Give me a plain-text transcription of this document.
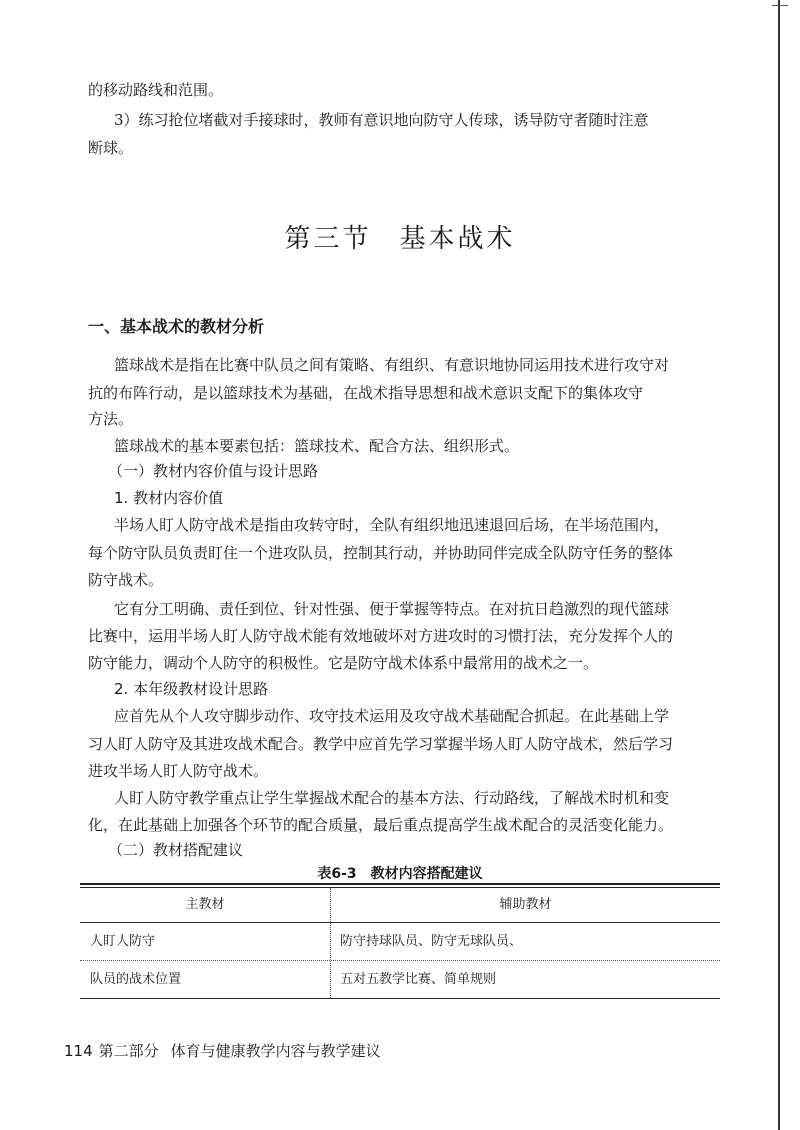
的移动路线和范围。

3）练习抢位堵截对手接球时，教师有意识地向防守人传球，诱导防守者随时注意

断球。

第三节 基本战术
一、基本战术的教材分析

篮球战术是指在比赛中队员之间有策略、有组织、有意识地协同运用技术进行攻守对

抗的布阵行动，是以篮球技术为基础，在战术指导思想和战术意识支配下的集体攻守

方法。

篮球战术的基本要素包括：篮球技术、配合方法、组织形式。

（一）教材内容价值与设计思路

1. 教材内容价值

半场人盯人防守战术是指由攻转守时，全队有组织地迅速退回后场，在半场范围内，

每个防守队员负责盯住一个进攻队员，控制其行动，并协助同伴完成全队防守任务的整体

防守战术。

它有分工明确、责任到位、针对性强、便于掌握等特点。在对抗日趋激烈的现代篮球

比赛中，运用半场人盯人防守战术能有效地破坏对方进攻时的习惯打法，充分发挥个人的

防守能力，调动个人防守的积极性。它是防守战术体系中最常用的战术之一。

2. 本年级教材设计思路

应首先从个人攻守脚步动作、攻守技术运用及攻守战术基础配合抓起。在此基础上学

习人盯人防守及其进攻战术配合。教学中应首先学习掌握半场人盯人防守战术，然后学习

进攻半场人盯人防守战术。

人盯人防守教学重点让学生掌握战术配合的基本方法、行动路线，了解战术时机和变

化，在此基础上加强各个环节的配合质量，最后重点提高学生战术配合的灵活变化能力。

（二）教材搭配建议

表6-3　教材内容搭配建议
主教材	辅助教材
人盯人防守	防守持球队员、防守无球队员、
队员的战术位置	五对五教学比赛、简单规则
114 第二部分 体育与健康教学内容与教学建议
